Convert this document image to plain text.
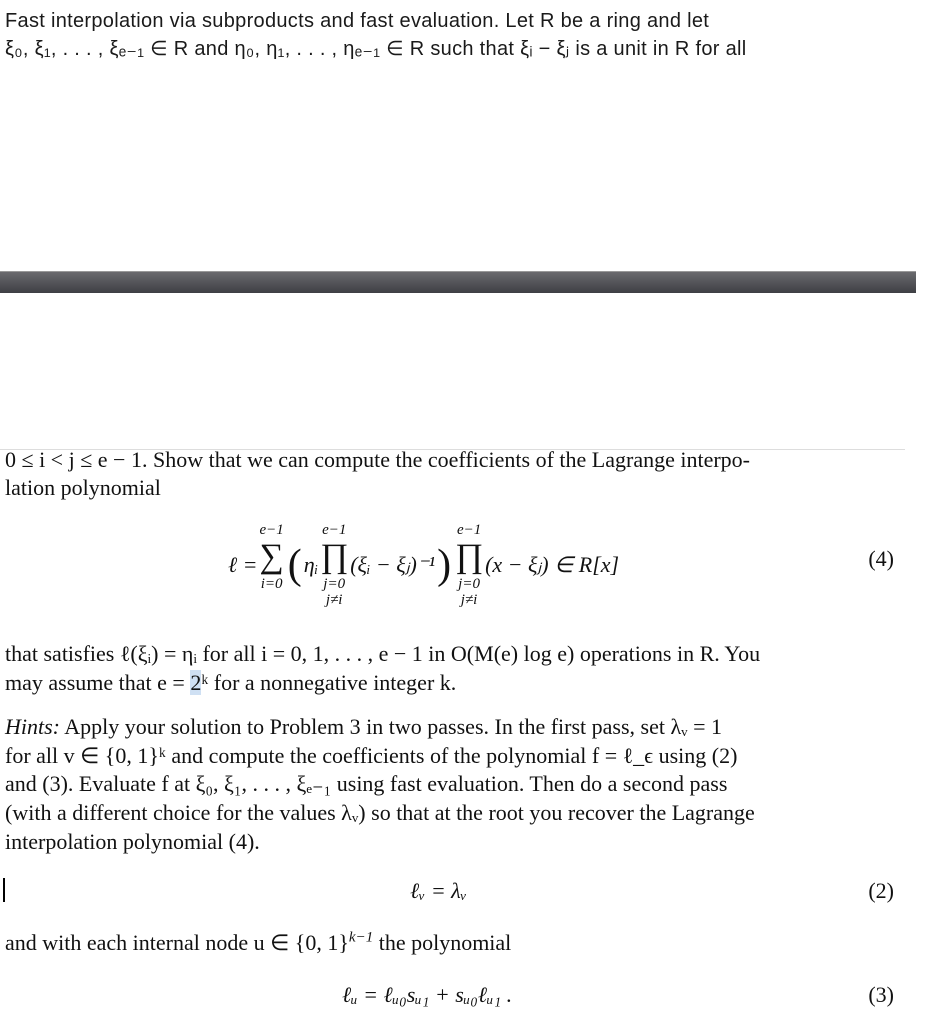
Fast interpolation via subproducts and fast evaluation. Let R be a ring and let
ξ₀, ξ₁, . . . , ξₑ₋₁ ∈ R and η₀, η₁, . . . , ηₑ₋₁ ∈ R such that ξᵢ − ξⱼ is a unit in R for all
0 ≤ i < j ≤ e − 1. Show that we can compute the coefficients of the Lagrange interpo-
lation polynomial
ℓ =
e−1
∑
i=0 ( ηᵢ
e−1
∏
j=0
j≠i
(ξᵢ − ξⱼ)⁻¹ )
e−1
∏
j=0
j≠i
(x − ξⱼ) ∈ R[x]	(4)
that satisfies ℓ(ξᵢ) = ηᵢ for all i = 0, 1, . . . , e − 1 in O(M(e) log e) operations in R. You
may assume that e = 2ᵏ for a nonnegative integer k.
Hints: Apply your solution to Problem 3 in two passes. In the first pass, set λᵥ = 1
for all v ∈ {0, 1}ᵏ and compute the coefficients of the polynomial f = ℓ_ϵ using (2)
and (3). Evaluate f at ξ₀, ξ₁, . . . , ξₑ₋₁ using fast evaluation. Then do a second pass
(with a different choice for the values λᵥ) so that at the root you recover the Lagrange
interpolation polynomial (4).
ℓᵥ = λᵥ	(2)
and with each internal node u ∈ {0, 1}$^{k-1}$ the polynomial
ℓᵤ = ℓᵤ₀sᵤ₁ + sᵤ₀ℓᵤ₁ .	(3)
